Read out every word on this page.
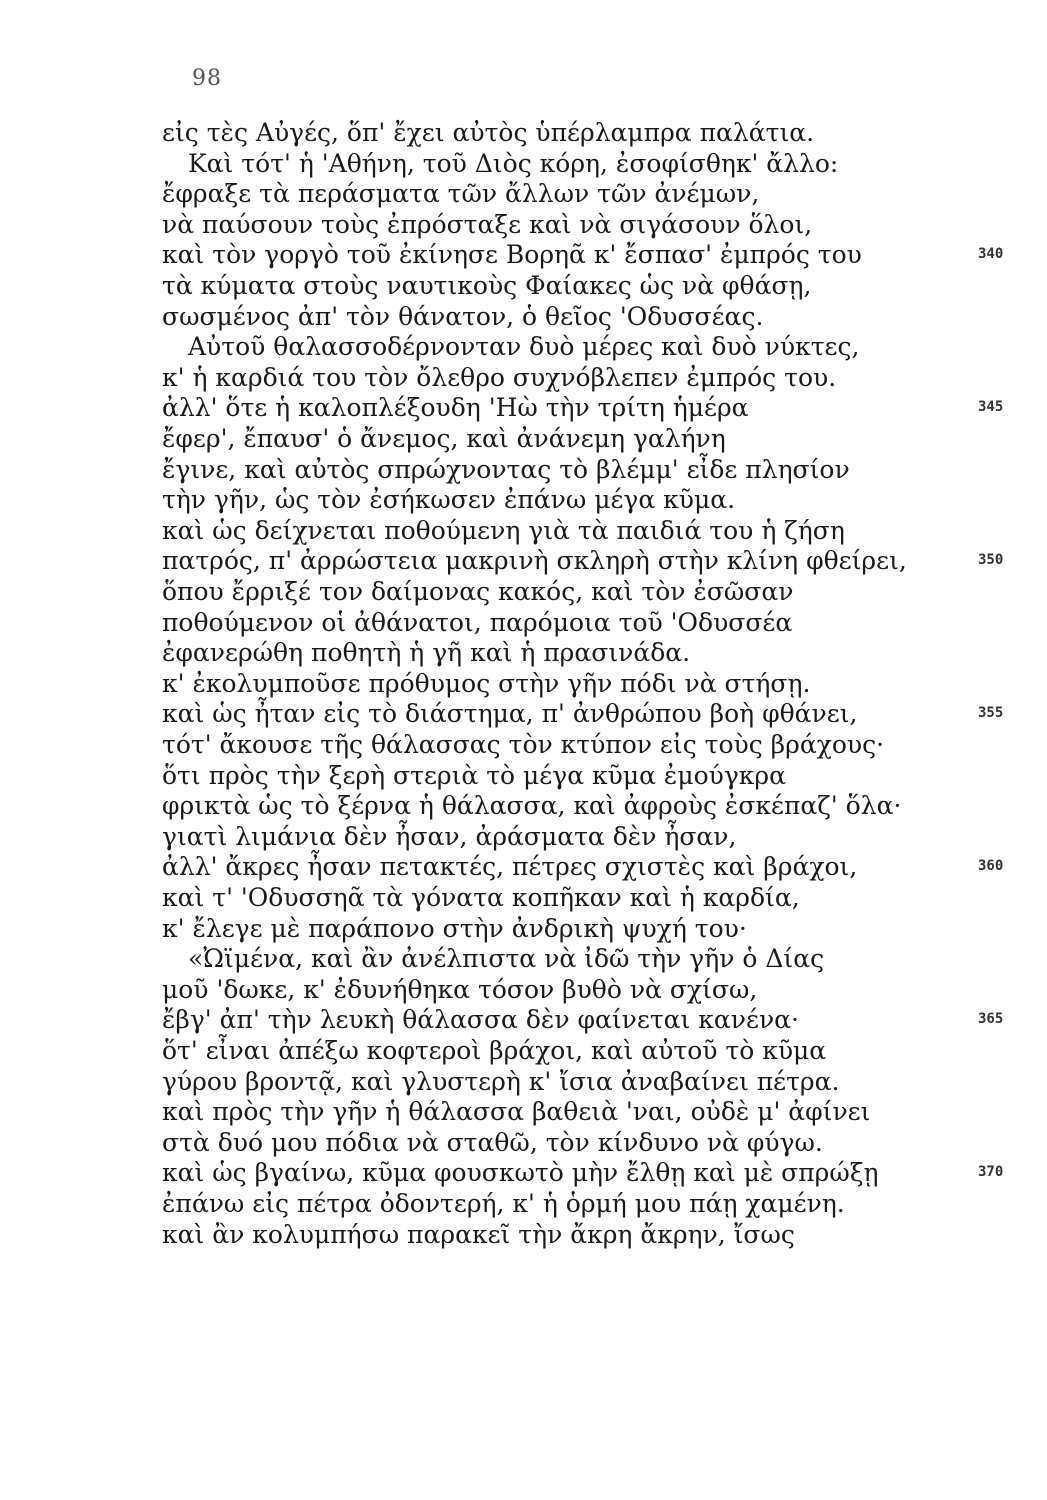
98
εἰς τὲς Αὐγές, ὅπ' ἔχει αὐτὸς ὑπέρλαμπρα παλάτια.
Καὶ τότ' ἡ 'Αθήνη, τοῦ Διὸς κόρη, ἐσοφίσθηκ' ἄλλο:
ἔφραξε τὰ περάσματα τῶν ἄλλων τῶν ἀνέμων,
νὰ παύσουν τοὺς ἐπρόσταξε καὶ νὰ σιγάσουν ὅλοι,
καὶ τὸν γοργὸ τοῦ ἐκίνησε Βορηᾶ κ' ἔσπασ' ἐμπρός του	340
τὰ κύματα στοὺς ναυτικοὺς Φαίακες ὡς νὰ φθάσῃ,
σωσμένος ἀπ' τὸν θάνατον, ὁ θεῖος 'Οδυσσέας.
Αὐτοῦ θαλασσοδέρνονταν δυὸ μέρες καὶ δυὸ νύκτες,
κ' ἡ καρδιά του τὸν ὄλεθρο συχνόβλεπεν ἐμπρός του.
ἀλλ' ὅτε ἡ καλοπλέξουδη 'Ηὼ τὴν τρίτη ἡμέρα	345
ἔφερ', ἔπαυσ' ὁ ἄνεμος, καὶ ἀνάνεμη γαλήνη
ἔγινε, καὶ αὐτὸς σπρώχνοντας τὸ βλέμμ' εἶδε πλησίον
τὴν γῆν, ὡς τὸν ἐσήκωσεν ἐπάνω μέγα κῦμα.
καὶ ὡς δείχνεται ποθούμενη γιὰ τὰ παιδιά του ἡ ζήση
πατρός, π' ἀρρώστεια μακρινὴ σκληρὴ στὴν κλίνη φθείρει,	350
ὅπου ἔρριξέ τον δαίμονας κακός, καὶ τὸν ἐσῶσαν
ποθούμενον οἱ ἀθάνατοι, παρόμοια τοῦ 'Οδυσσέα
ἐφανερώθη ποθητὴ ἡ γῆ καὶ ἡ πρασινάδα.
κ' ἐκολυμποῦσε πρόθυμος στὴν γῆν πόδι νὰ στήσῃ.
καὶ ὡς ἦταν εἰς τὸ διάστημα, π' ἀνθρώπου βοὴ φθάνει,	355
τότ' ἄκουσε τῆς θάλασσας τὸν κτύπον εἰς τοὺς βράχους·
ὅτι πρὸς τὴν ξερὴ στεριὰ τὸ μέγα κῦμα ἐμούγκρα
φρικτὰ ὡς τὸ ξέρνα ἡ θάλασσα, καὶ ἀφροὺς ἐσκέπαζ' ὅλα·
γιατὶ λιμάνια δὲν ἦσαν, ἀράσματα δὲν ἦσαν,
ἀλλ' ἄκρες ἦσαν πετακτές, πέτρες σχιστὲς καὶ βράχοι,	360
καὶ τ' 'Οδυσσηᾶ τὰ γόνατα κοπῆκαν καὶ ἡ καρδία,
κ' ἔλεγε μὲ παράπονο στὴν ἀνδρικὴ ψυχή του·
«Ὠϊμένα, καὶ ἂν ἀνέλπιστα νὰ ἰδῶ τὴν γῆν ὁ Δίας
μοῦ 'δωκε, κ' ἐδυνήθηκα τόσον βυθὸ νὰ σχίσω,
ἔβγ' ἀπ' τὴν λευκὴ θάλασσα δὲν φαίνεται κανένα·	365
ὅτ' εἶναι ἀπέξω κοφτεροὶ βράχοι, καὶ αὐτοῦ τὸ κῦμα
γύρου βροντᾷ, καὶ γλυστερὴ κ' ἴσια ἀναβαίνει πέτρα.
καὶ πρὸς τὴν γῆν ἡ θάλασσα βαθειὰ 'ναι, οὐδὲ μ' ἀφίνει
στὰ δυό μου πόδια νὰ σταθῶ, τὸν κίνδυνο νὰ φύγω.
καὶ ὡς βγαίνω, κῦμα φουσκωτὸ μὴν ἔλθῃ καὶ μὲ σπρώξῃ	370
ἐπάνω εἰς πέτρα ὀδοντερή, κ' ἡ ὁρμή μου πάῃ χαμένη.
καὶ ἂν κολυμπήσω παρακεῖ τὴν ἄκρη ἄκρην, ἴσως
